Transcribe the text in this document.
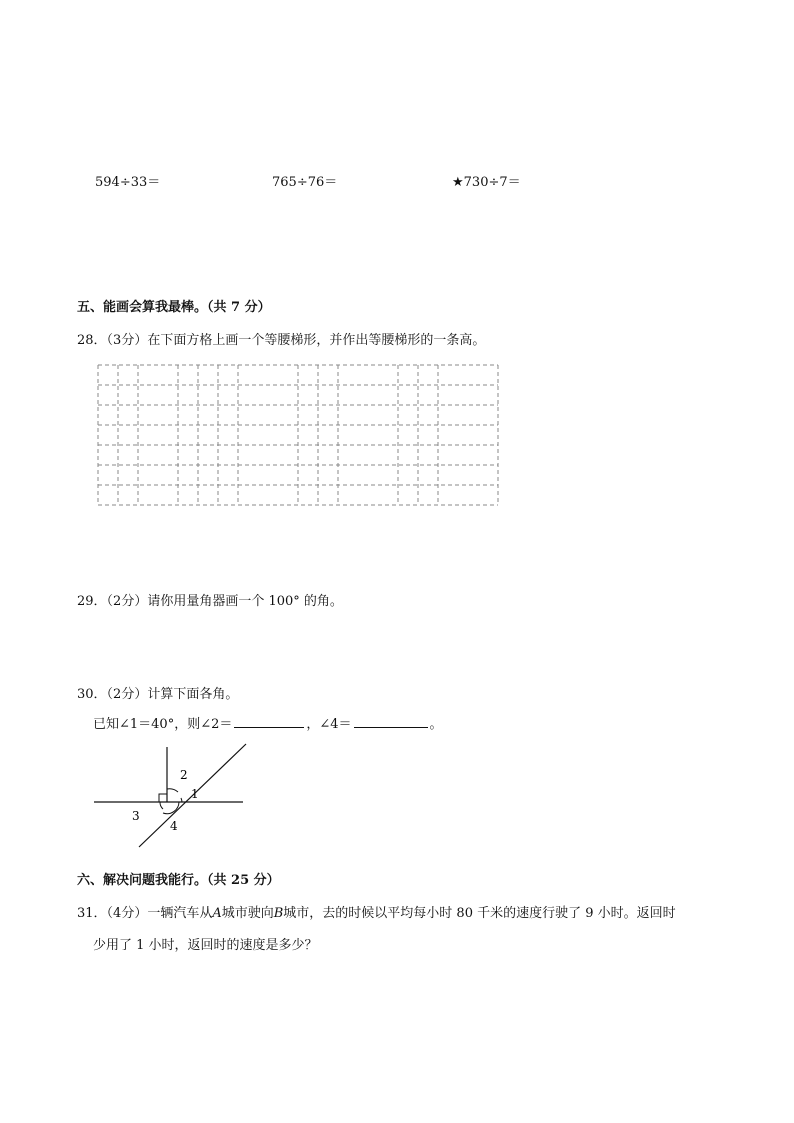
594÷33＝	765÷76＝	★730÷7＝
五、能画会算我最棒。（共 7 分）
28．（3分）在下面方格上画一个等腰梯形，并作出等腰梯形的一条高。
29．（2分）请你用量角器画一个 100° 的角。
30．（2分）计算下面各角。
已知∠1＝40°，则∠2＝	，∠4＝	。
1
2
3
4
六、解决问题我能行。（共 25 分）
31．（4分）一辆汽车从A城市驶向B城市，去的时候以平均每小时 80 千米的速度行驶了 9 小时。返回时
少用了 1 小时，返回时的速度是多少？
